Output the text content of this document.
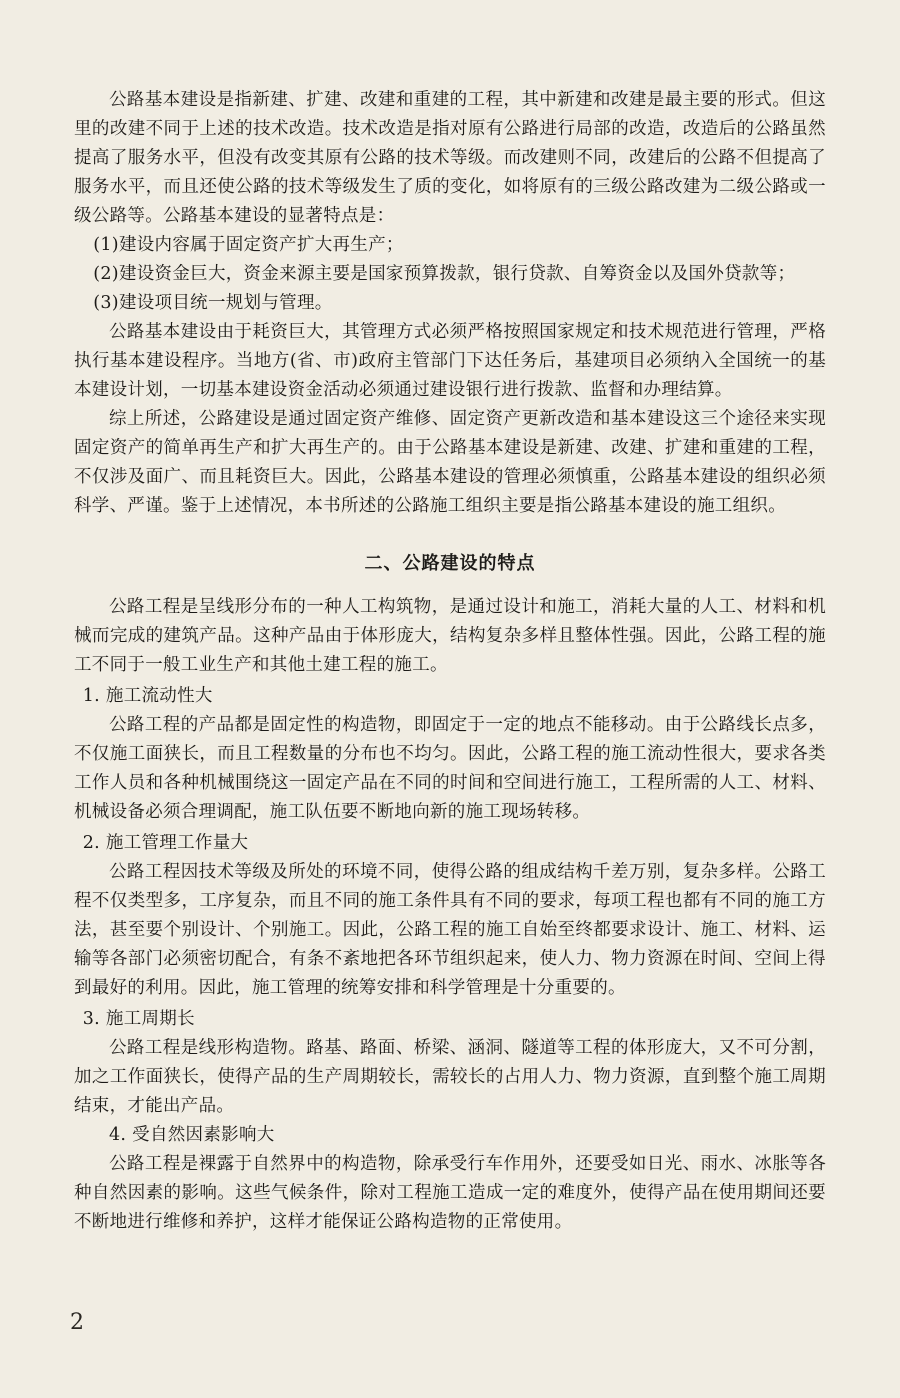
公路基本建设是指新建、扩建、改建和重建的工程，其中新建和改建是最主要的形式。但这里的改建不同于上述的技术改造。技术改造是指对原有公路进行局部的改造，改造后的公路虽然提高了服务水平，但没有改变其原有公路的技术等级。而改建则不同，改建后的公路不但提高了服务水平，而且还使公路的技术等级发生了质的变化，如将原有的三级公路改建为二级公路或一级公路等。公路基本建设的显著特点是：

(1)建设内容属于固定资产扩大再生产；

(2)建设资金巨大，资金来源主要是国家预算拨款，银行贷款、自筹资金以及国外贷款等；

(3)建设项目统一规划与管理。

公路基本建设由于耗资巨大，其管理方式必须严格按照国家规定和技术规范进行管理，严格执行基本建设程序。当地方(省、市)政府主管部门下达任务后，基建项目必须纳入全国统一的基本建设计划，一切基本建设资金活动必须通过建设银行进行拨款、监督和办理结算。

综上所述，公路建设是通过固定资产维修、固定资产更新改造和基本建设这三个途径来实现固定资产的简单再生产和扩大再生产的。由于公路基本建设是新建、改建、扩建和重建的工程，不仅涉及面广、而且耗资巨大。因此，公路基本建设的管理必须慎重，公路基本建设的组织必须科学、严谨。鉴于上述情况，本书所述的公路施工组织主要是指公路基本建设的施工组织。

二、公路建设的特点

公路工程是呈线形分布的一种人工构筑物，是通过设计和施工，消耗大量的人工、材料和机械而完成的建筑产品。这种产品由于体形庞大，结构复杂多样且整体性强。因此，公路工程的施工不同于一般工业生产和其他土建工程的施工。

1. 施工流动性大

公路工程的产品都是固定性的构造物，即固定于一定的地点不能移动。由于公路线长点多，不仅施工面狭长，而且工程数量的分布也不均匀。因此，公路工程的施工流动性很大，要求各类工作人员和各种机械围绕这一固定产品在不同的时间和空间进行施工，工程所需的人工、材料、机械设备必须合理调配，施工队伍要不断地向新的施工现场转移。

2. 施工管理工作量大

公路工程因技术等级及所处的环境不同，使得公路的组成结构千差万别，复杂多样。公路工程不仅类型多，工序复杂，而且不同的施工条件具有不同的要求，每项工程也都有不同的施工方法，甚至要个别设计、个别施工。因此，公路工程的施工自始至终都要求设计、施工、材料、运输等各部门必须密切配合，有条不紊地把各环节组织起来，使人力、物力资源在时间、空间上得到最好的利用。因此，施工管理的统筹安排和科学管理是十分重要的。

3. 施工周期长

公路工程是线形构造物。路基、路面、桥梁、涵洞、隧道等工程的体形庞大，又不可分割，加之工作面狭长，使得产品的生产周期较长，需较长的占用人力、物力资源，直到整个施工周期结束，才能出产品。

4. 受自然因素影响大

公路工程是裸露于自然界中的构造物，除承受行车作用外，还要受如日光、雨水、冰胀等各种自然因素的影响。这些气候条件，除对工程施工造成一定的难度外，使得产品在使用期间还要不断地进行维修和养护，这样才能保证公路构造物的正常使用。

2
